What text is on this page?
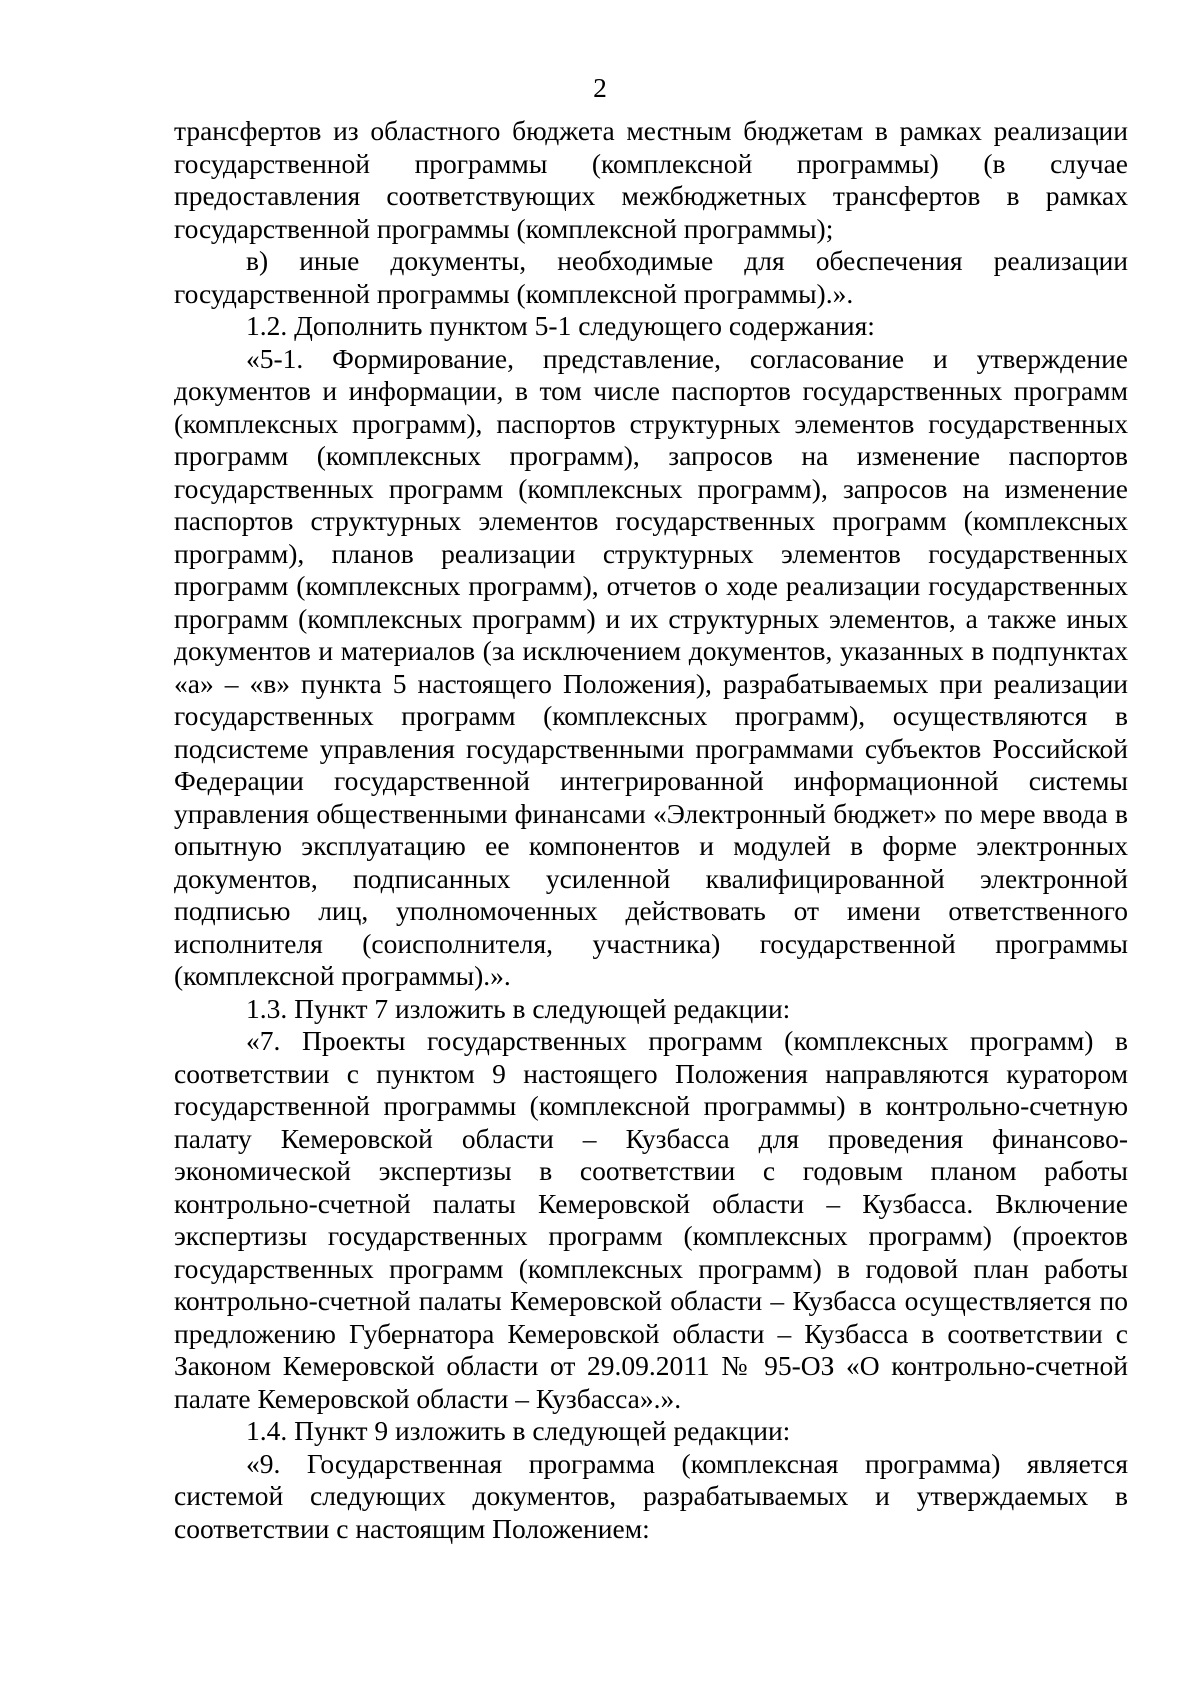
2

трансфертов из областного бюджета местным бюджетам в рамках реализации государственной программы (комплексной программы) (в случае предоставления соответствующих межбюджетных трансфертов в рамках государственной программы (комплексной программы);

в) иные документы, необходимые для обеспечения реализации государственной программы (комплексной программы).».

1.2. Дополнить пунктом 5-1 следующего содержания:

«5-1. Формирование, представление, согласование и утверждение документов и информации, в том числе паспортов государственных программ (комплексных программ), паспортов структурных элементов государственных программ (комплексных программ), запросов на изменение паспортов государственных программ (комплексных программ), запросов на изменение паспортов структурных элементов государственных программ (комплексных программ), планов реализации структурных элементов государственных программ (комплексных программ), отчетов о ходе реализации государственных программ (комплексных программ) и их структурных элементов, а также иных документов и материалов (за исключением документов, указанных в подпунктах «а» – «в» пункта 5 настоящего Положения), разрабатываемых при реализации государственных программ (комплексных программ), осуществляются в подсистеме управления государственными программами субъектов Российской Федерации государственной интегрированной информационной системы управления общественными финансами «Электронный бюджет» по мере ввода в опытную эксплуатацию ее компонентов и модулей в форме электронных документов, подписанных усиленной квалифицированной электронной подписью лиц, уполномоченных действовать от имени ответственного исполнителя (соисполнителя, участника) государственной программы (комплексной программы).».

1.3. Пункт 7 изложить в следующей редакции:

«7. Проекты государственных программ (комплексных программ) в соответствии с пунктом 9 настоящего Положения направляются куратором государственной программы (комплексной программы) в контрольно-счетную палату Кемеровской области – Кузбасса для проведения финансово-экономической экспертизы в соответствии с годовым планом работы контрольно-счетной палаты Кемеровской области – Кузбасса. Включение экспертизы государственных программ (комплексных программ) (проектов государственных программ (комплексных программ) в годовой план работы контрольно-счетной палаты Кемеровской области – Кузбасса осуществляется по предложению Губернатора Кемеровской области – Кузбасса в соответствии с Законом Кемеровской области от 29.09.2011 № 95-ОЗ «О контрольно-счетной палате Кемеровской области – Кузбасса».».

1.4. Пункт 9 изложить в следующей редакции:

«9. Государственная программа (комплексная программа) является системой следующих документов, разрабатываемых и утверждаемых в соответствии с настоящим Положением:
